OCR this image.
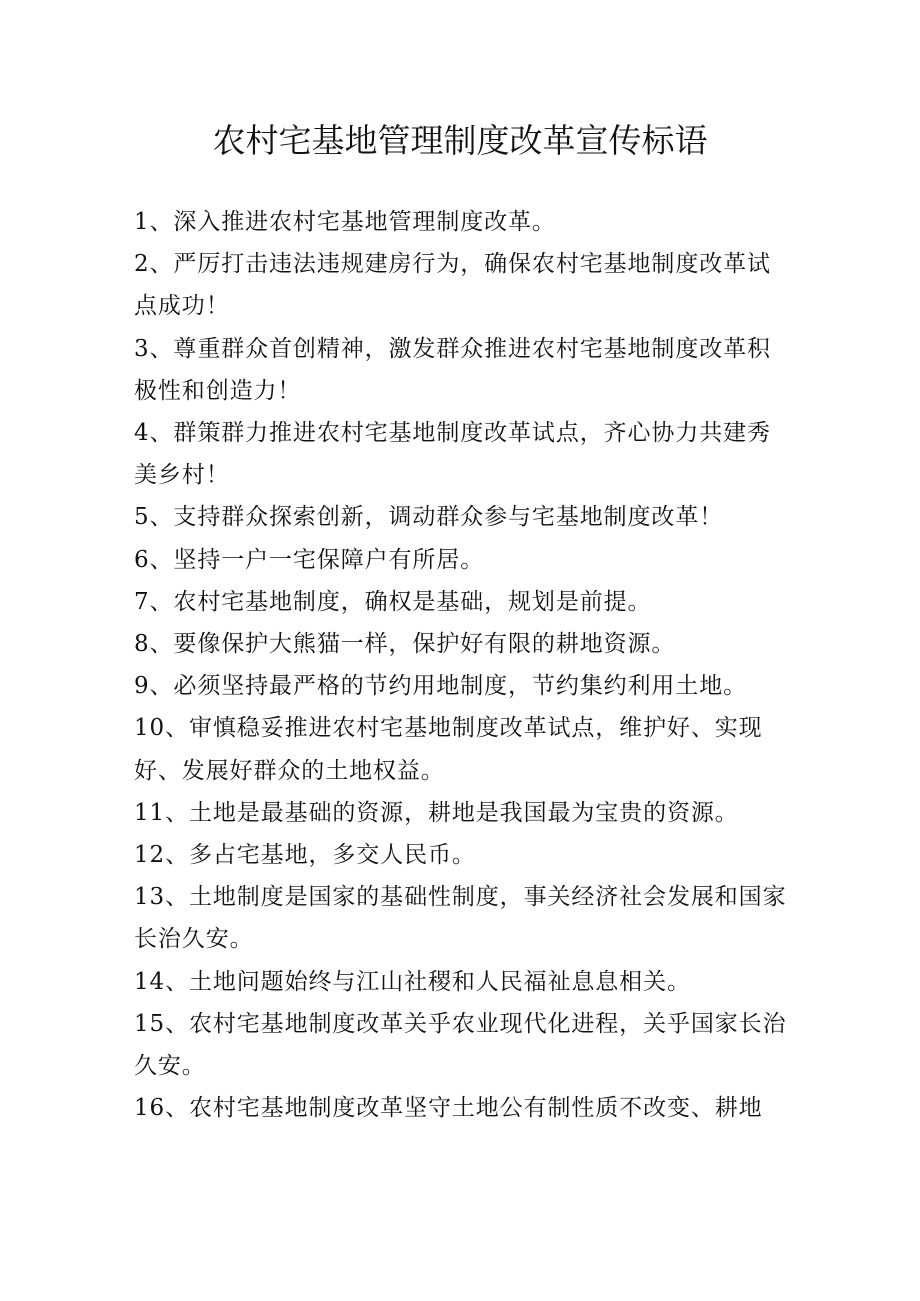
农村宅基地管理制度改革宣传标语
1、深入推进农村宅基地管理制度改革。
2、严厉打击违法违规建房行为，确保农村宅基地制度改革试点成功！
3、尊重群众首创精神，激发群众推进农村宅基地制度改革积极性和创造力！
4、群策群力推进农村宅基地制度改革试点，齐心协力共建秀美乡村！
5、支持群众探索创新，调动群众参与宅基地制度改革！
6、坚持一户一宅保障户有所居。
7、农村宅基地制度，确权是基础，规划是前提。
8、要像保护大熊猫一样，保护好有限的耕地资源。
9、必须坚持最严格的节约用地制度，节约集约利用土地。
10、审慎稳妥推进农村宅基地制度改革试点，维护好、实现好、发展好群众的土地权益。
11、土地是最基础的资源，耕地是我国最为宝贵的资源。
12、多占宅基地，多交人民币。
13、土地制度是国家的基础性制度，事关经济社会发展和国家长治久安。
14、土地问题始终与江山社稷和人民福祉息息相关。
15、农村宅基地制度改革关乎农业现代化进程，关乎国家长治久安。
16、农村宅基地制度改革坚守土地公有制性质不改变、耕地
